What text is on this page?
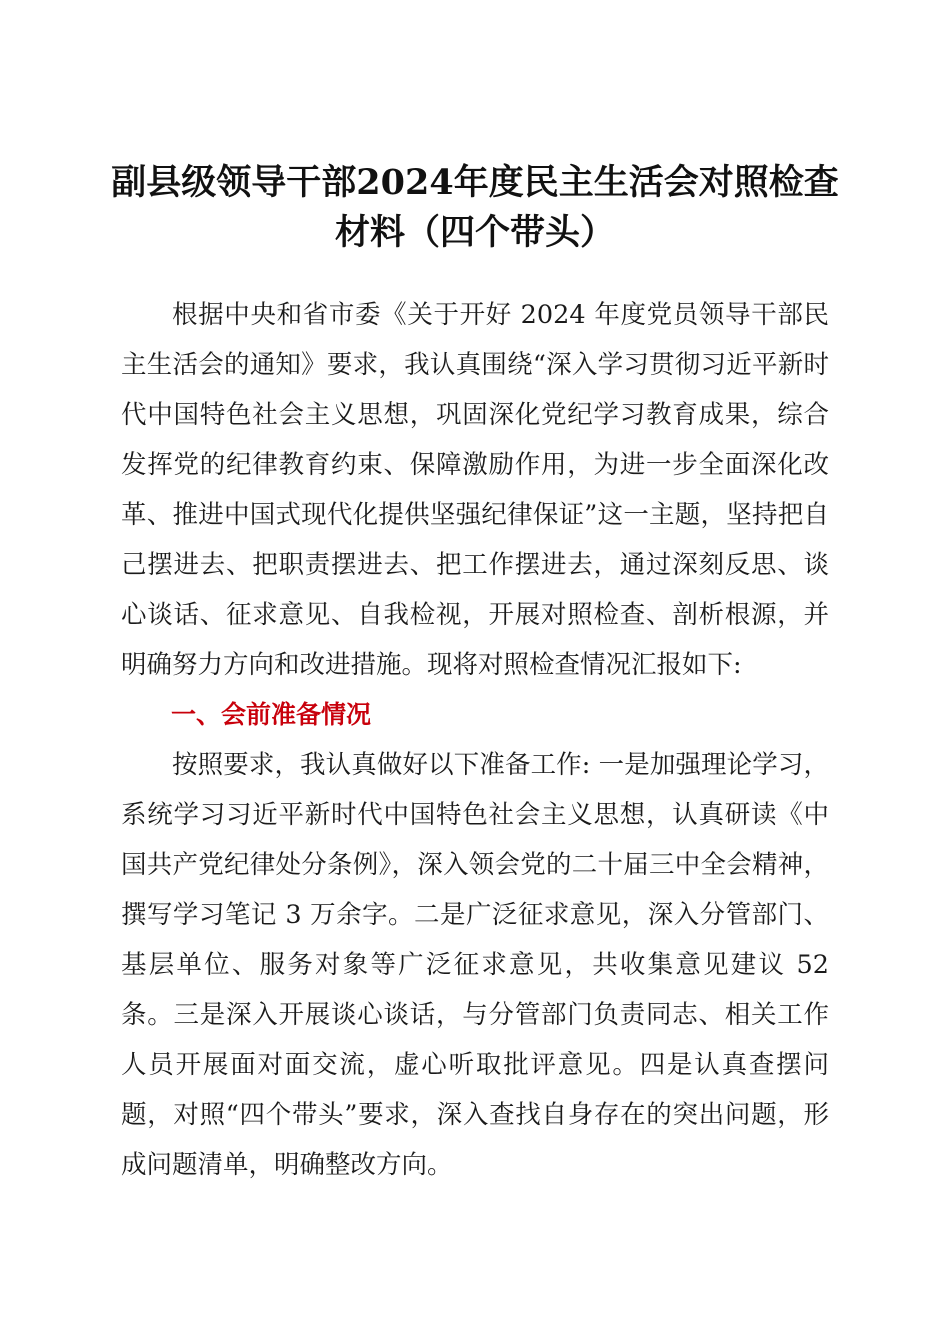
副县级领导干部2024年度民主生活会对照检查
材料（四个带头）

根据中央和省市委《关于开好 2024 年度党员领导干部民主生活会的通知》要求，我认真围绕“深入学习贯彻习近平新时代中国特色社会主义思想，巩固深化党纪学习教育成果，综合发挥党的纪律教育约束、保障激励作用，为进一步全面深化改革、推进中国式现代化提供坚强纪律保证”这一主题，坚持把自己摆进去、把职责摆进去、把工作摆进去，通过深刻反思、谈心谈话、征求意见、自我检视，开展对照检查、剖析根源，并明确努力方向和改进措施。现将对照检查情况汇报如下:

一、会前准备情况

按照要求，我认真做好以下准备工作: 一是加强理论学习，系统学习习近平新时代中国特色社会主义思想，认真研读《中国共产党纪律处分条例》，深入领会党的二十届三中全会精神，撰写学习笔记 3 万余字。二是广泛征求意见，深入分管部门、基层单位、服务对象等广泛征求意见，共收集意见建议 52 条。三是深入开展谈心谈话，与分管部门负责同志、相关工作人员开展面对面交流，虚心听取批评意见。四是认真查摆问题，对照“四个带头”要求，深入查找自身存在的突出问题，形成问题清单，明确整改方向。
